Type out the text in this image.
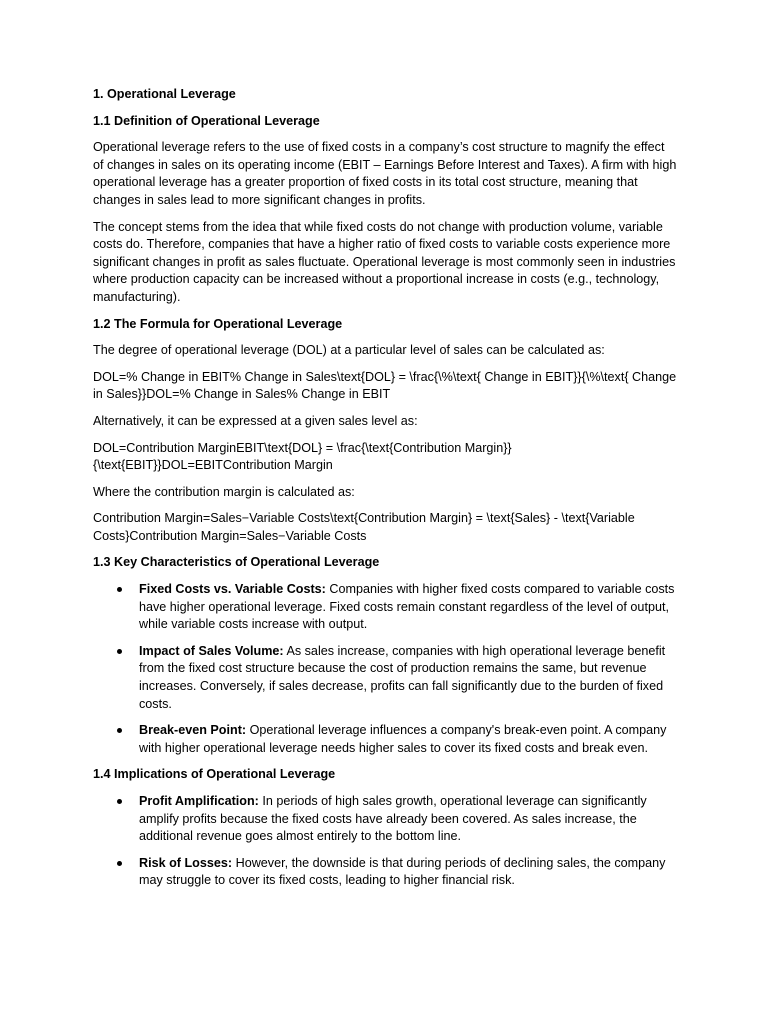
1. Operational Leverage
1.1 Definition of Operational Leverage

Operational leverage refers to the use of fixed costs in a company’s cost structure to magnify the effect of changes in sales on its operating income (EBIT – Earnings Before Interest and Taxes). A firm with high operational leverage has a greater proportion of fixed costs in its total cost structure, meaning that changes in sales lead to more significant changes in profits.

The concept stems from the idea that while fixed costs do not change with production volume, variable costs do. Therefore, companies that have a higher ratio of fixed costs to variable costs experience more significant changes in profit as sales fluctuate. Operational leverage is most commonly seen in industries where production capacity can be increased without a proportional increase in costs (e.g., technology, manufacturing).

1.2 The Formula for Operational Leverage

The degree of operational leverage (DOL) at a particular level of sales can be calculated as:

DOL=% Change in EBIT% Change in Sales\text{DOL} = \frac{\%\text{ Change in EBIT}}{\%\text{ Change in Sales}}DOL=% Change in Sales% Change in EBIT

Alternatively, it can be expressed at a given sales level as:

DOL=Contribution MarginEBIT\text{DOL} = \frac{\text{Contribution Margin}}{\text{EBIT}}DOL=EBITContribution Margin

Where the contribution margin is calculated as:

Contribution Margin=Sales−Variable Costs\text{Contribution Margin} = \text{Sales} - \text{Variable Costs}Contribution Margin=Sales−Variable Costs

1.3 Key Characteristics of Operational Leverage
Fixed Costs vs. Variable Costs: Companies with higher fixed costs compared to variable costs have higher operational leverage. Fixed costs remain constant regardless of the level of output, while variable costs increase with output.
Impact of Sales Volume: As sales increase, companies with high operational leverage benefit from the fixed cost structure because the cost of production remains the same, but revenue increases. Conversely, if sales decrease, profits can fall significantly due to the burden of fixed costs.
Break-even Point: Operational leverage influences a company's break-even point. A company with higher operational leverage needs higher sales to cover its fixed costs and break even.
1.4 Implications of Operational Leverage
Profit Amplification: In periods of high sales growth, operational leverage can significantly amplify profits because the fixed costs have already been covered. As sales increase, the additional revenue goes almost entirely to the bottom line.
Risk of Losses: However, the downside is that during periods of declining sales, the company may struggle to cover its fixed costs, leading to higher financial risk.
